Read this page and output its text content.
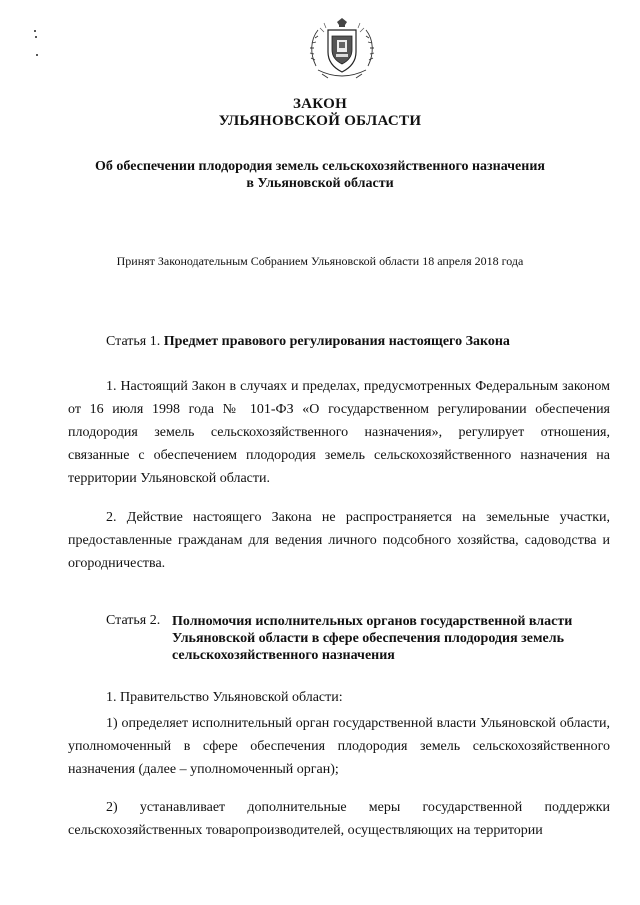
ЗАКОН
УЛЬЯНОВСКОЙ ОБЛАСТИ
Об обеспечении плодородия земель сельскохозяйственного назначения
в Ульяновской области
Принят Законодательным Собранием Ульяновской области 18 апреля 2018 года
Статья 1. Предмет правового регулирования настоящего Закона
1. Настоящий Закон в случаях и пределах, предусмотренных Федеральным законом от 16 июля 1998 года № 101-ФЗ «О государственном регулировании обеспечения плодородия земель сельскохозяйственного назначения», регулирует отношения, связанные с обеспечением плодородия земель сельскохозяйственного назначения на территории Ульяновской области.
2. Действие настоящего Закона не распространяется на земельные участки, предоставленные гражданам для ведения личного подсобного хозяйства, садоводства и огородничества.
Статья 2. Полномочия исполнительных органов государственной власти Ульяновской области в сфере обеспечения плодородия земель сельскохозяйственного назначения
1. Правительство Ульяновской области:
1) определяет исполнительный орган государственной власти Ульяновской области, уполномоченный в сфере обеспечения плодородия земель сельскохозяйственного назначения (далее – уполномоченный орган);
2) устанавливает дополнительные меры государственной поддержки сельскохозяйственных товаропроизводителей, осуществляющих на территории
